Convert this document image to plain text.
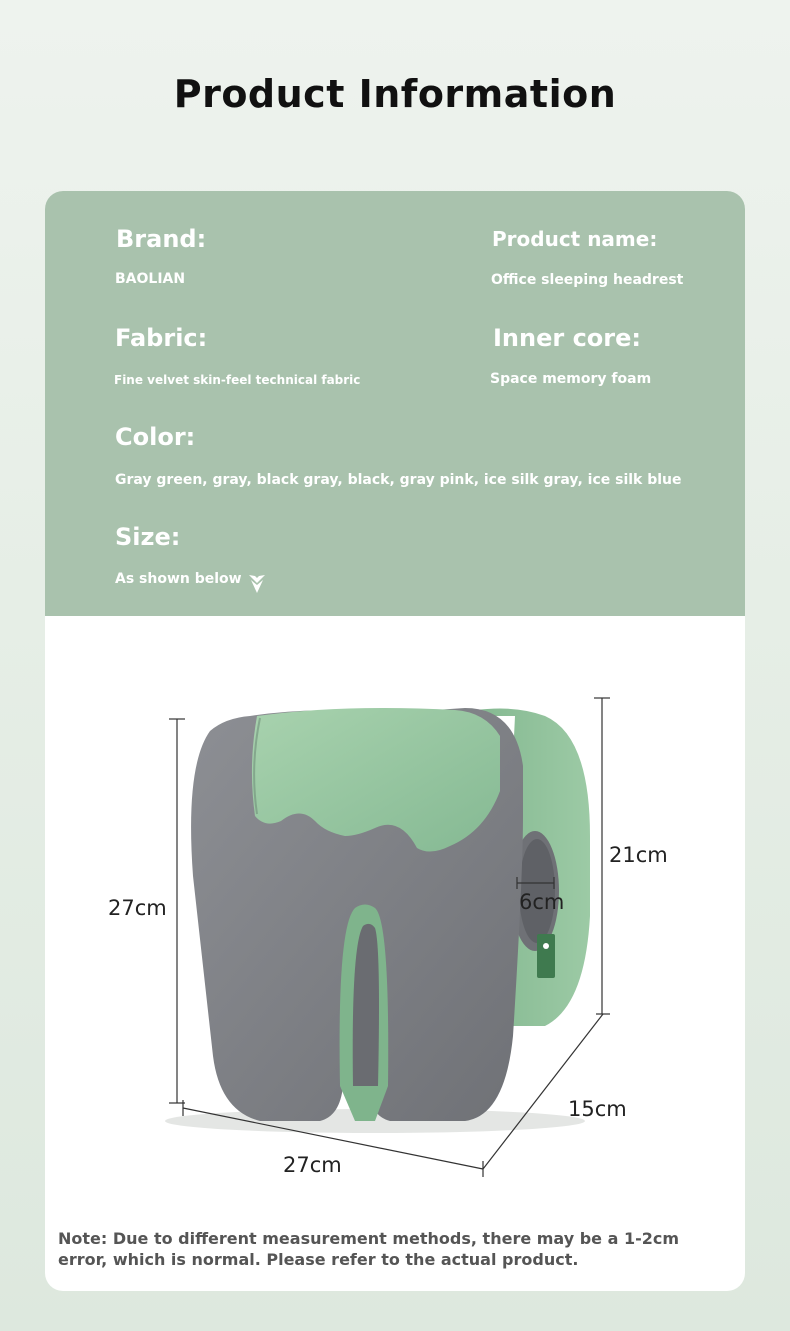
Product Information
Brand:
BAOLIAN
Product name:
Office sleeping headrest
Fabric:
Fine velvet skin-feel technical fabric
Inner core:
Space memory foam
Color:
Gray green, gray, black gray, black, gray pink, ice silk gray, ice silk blue
Size:
As shown below
27cm
27cm
15cm
21cm
6cm
Note: Due to different measurement methods, there may be a 1-2cm error, which is normal. Please refer to the actual product.
